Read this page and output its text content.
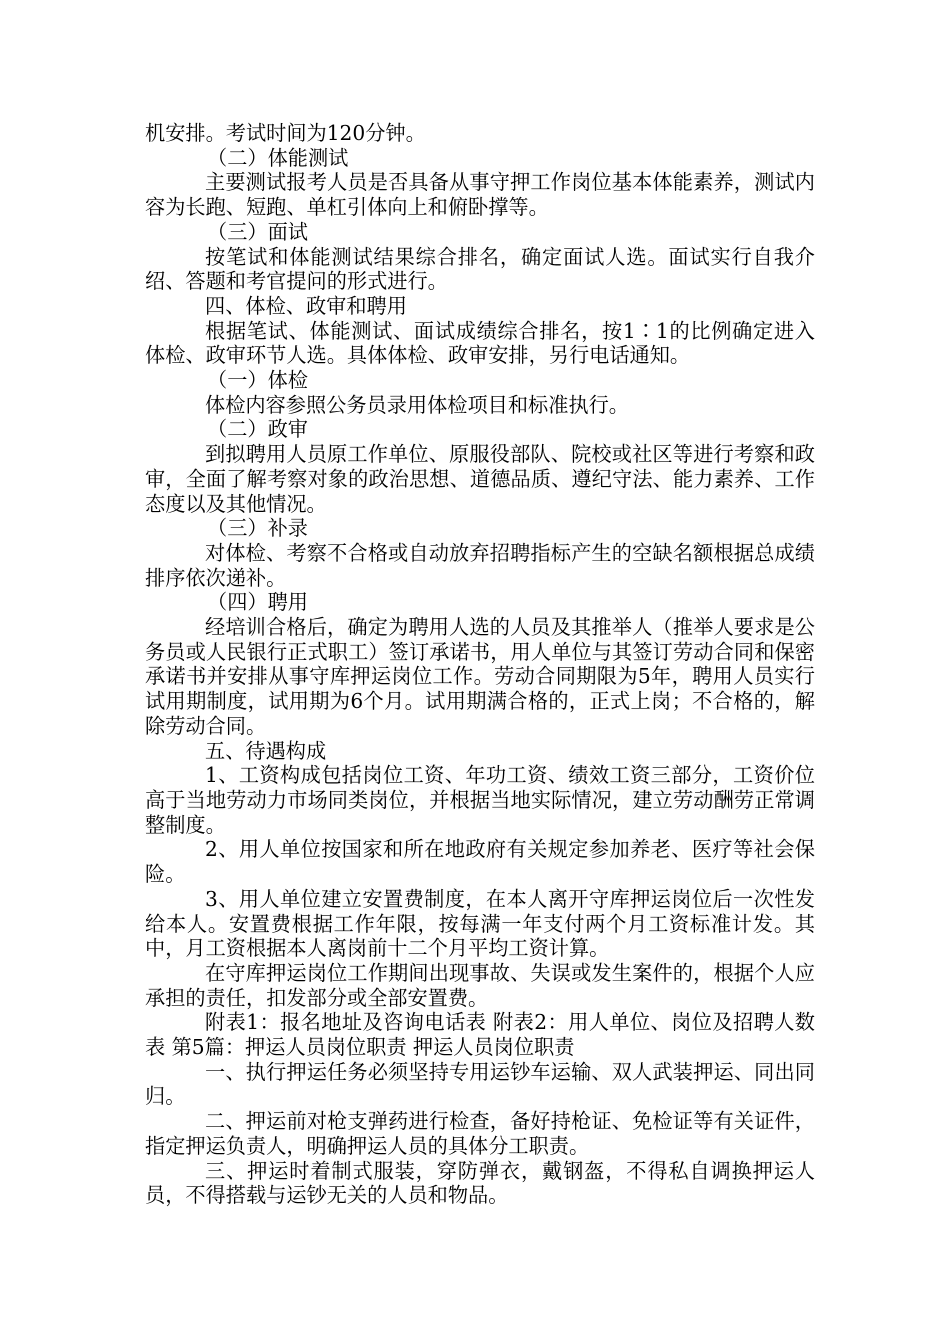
机安排。考试时间为120分钟。

（二）体能测试

主要测试报考人员是否具备从事守押工作岗位基本体能素养，测试内容为长跑、短跑、单杠引体向上和俯卧撑等。

（三）面试

按笔试和体能测试结果综合排名，确定面试人选。面试实行自我介绍、答题和考官提问的形式进行。

四、体检、政审和聘用

根据笔试、体能测试、面试成绩综合排名，按1∶1的比例确定进入体检、政审环节人选。具体体检、政审安排，另行电话通知。

（一）体检

体检内容参照公务员录用体检项目和标准执行。

（二）政审

到拟聘用人员原工作单位、原服役部队、院校或社区等进行考察和政审，全面了解考察对象的政治思想、道德品质、遵纪守法、能力素养、工作态度以及其他情况。

（三）补录

对体检、考察不合格或自动放弃招聘指标产生的空缺名额根据总成绩排序依次递补。

（四）聘用

经培训合格后，确定为聘用人选的人员及其推举人（推举人要求是公务员或人民银行正式职工）签订承诺书，用人单位与其签订劳动合同和保密承诺书并安排从事守库押运岗位工作。劳动合同期限为5年，聘用人员实行试用期制度，试用期为6个月。试用期满合格的，正式上岗；不合格的，解除劳动合同。

五、待遇构成

1、工资构成包括岗位工资、年功工资、绩效工资三部分，工资价位高于当地劳动力市场同类岗位，并根据当地实际情况，建立劳动酬劳正常调整制度。

2、用人单位按国家和所在地政府有关规定参加养老、医疗等社会保险。

3、用人单位建立安置费制度，在本人离开守库押运岗位后一次性发给本人。安置费根据工作年限，按每满一年支付两个月工资标准计发。其中，月工资根据本人离岗前十二个月平均工资计算。

在守库押运岗位工作期间出现事故、失误或发生案件的，根据个人应承担的责任，扣发部分或全部安置费。

附表1：报名地址及咨询电话表 附表2：用人单位、岗位及招聘人数表 第5篇：押运人员岗位职责 押运人员岗位职责

一、执行押运任务必须坚持专用运钞车运输、双人武装押运、同出同归。

二、押运前对枪支弹药进行检查，备好持枪证、免检证等有关证件，指定押运负责人，明确押运人员的具体分工职责。

三、押运时着制式服装，穿防弹衣，戴钢盔，不得私自调换押运人员，不得搭载与运钞无关的人员和物品。
